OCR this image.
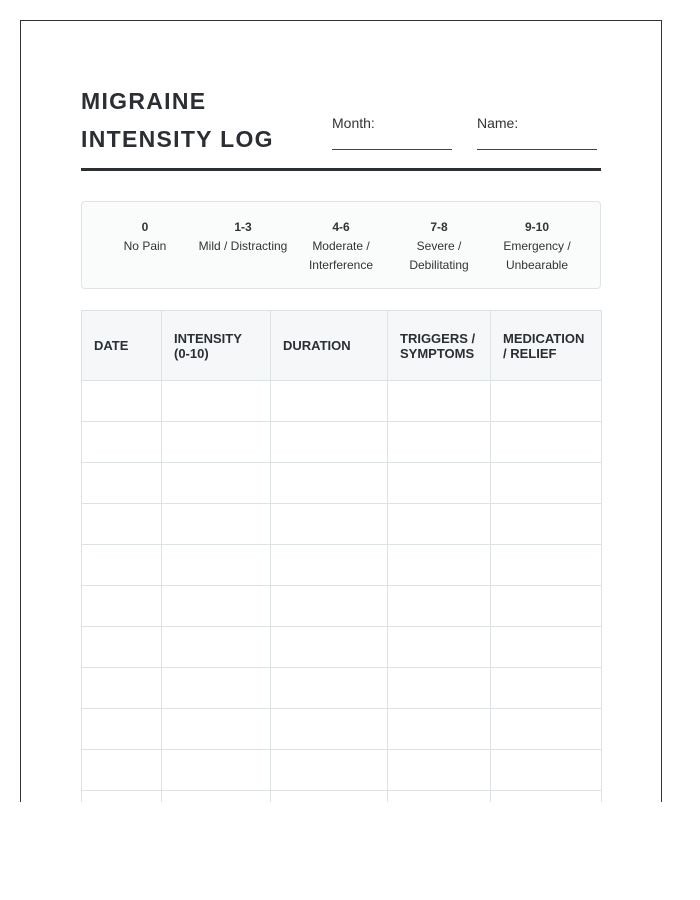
MIGRAINE
INTENSITY LOG
Month:	Name:
0
No Pain
1-3
Mild / Distracting
4-6
Moderate /
Interference
7-8
Severe /
Debilitating
9-10
Emergency /
Unbearable
DATE	INTENSITY (0-10)	DURATION	TRIGGERS / SYMPTOMS	MEDICATION / RELIEF
